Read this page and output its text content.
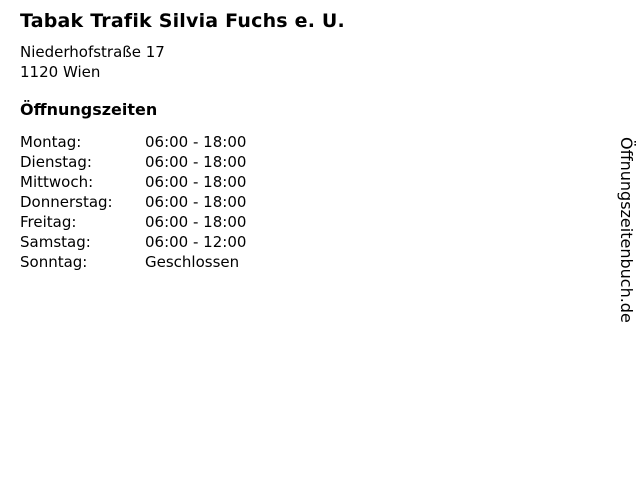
Tabak Trafik Silvia Fuchs e. U.
Niederhofstraße 17
1120 Wien
Öffnungszeiten
Montag:	06:00 - 18:00
Dienstag:	06:00 - 18:00
Mittwoch:	06:00 - 18:00
Donnerstag:	06:00 - 18:00
Freitag:	06:00 - 18:00
Samstag:	06:00 - 12:00
Sonntag:	Geschlossen	Öffnungszeitenbuch.de
